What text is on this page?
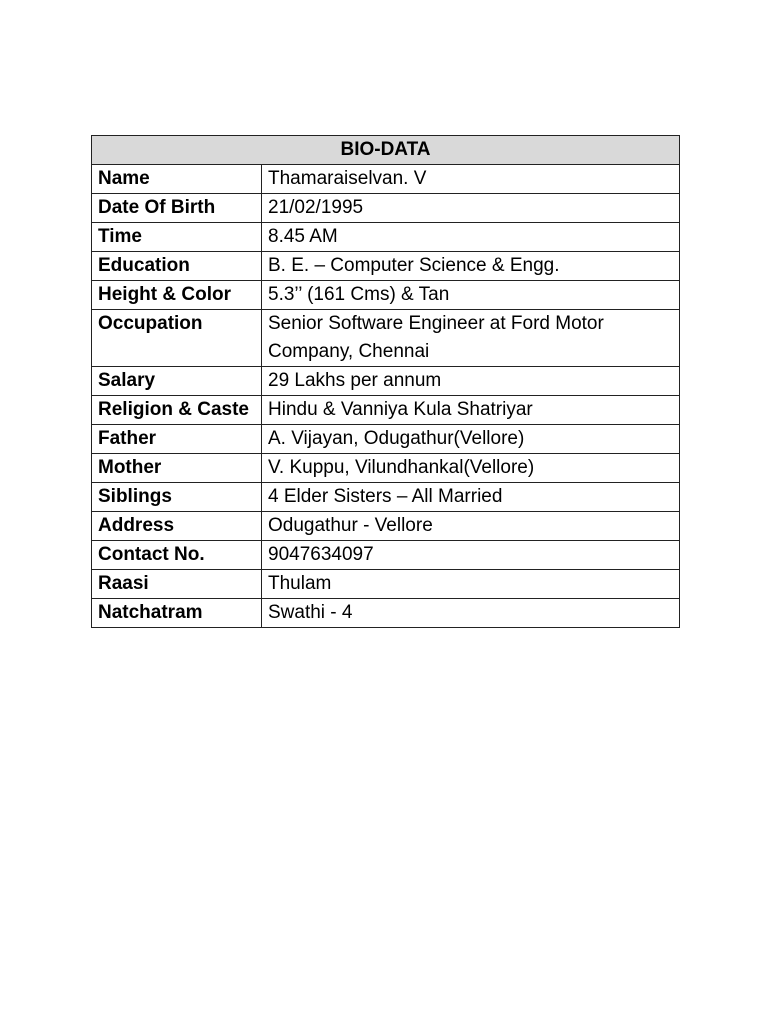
BIO-DATA	
Name	Thamaraiselvan. V
Date Of Birth	21/02/1995
Time	8.45 AM
Education	B. E. – Computer Science & Engg.
Height & Color	5.3’’ (161 Cms) & Tan
Occupation	Senior Software Engineer at Ford Motor Company, Chennai
Salary	29 Lakhs per annum
Religion & Caste	Hindu & Vanniya Kula Shatriyar
Father	A. Vijayan, Odugathur(Vellore)
Mother	V. Kuppu, Vilundhankal(Vellore)
Siblings	4 Elder Sisters – All Married
Address	Odugathur - Vellore
Contact No.	9047634097
Raasi	Thulam
Natchatram	Swathi - 4
